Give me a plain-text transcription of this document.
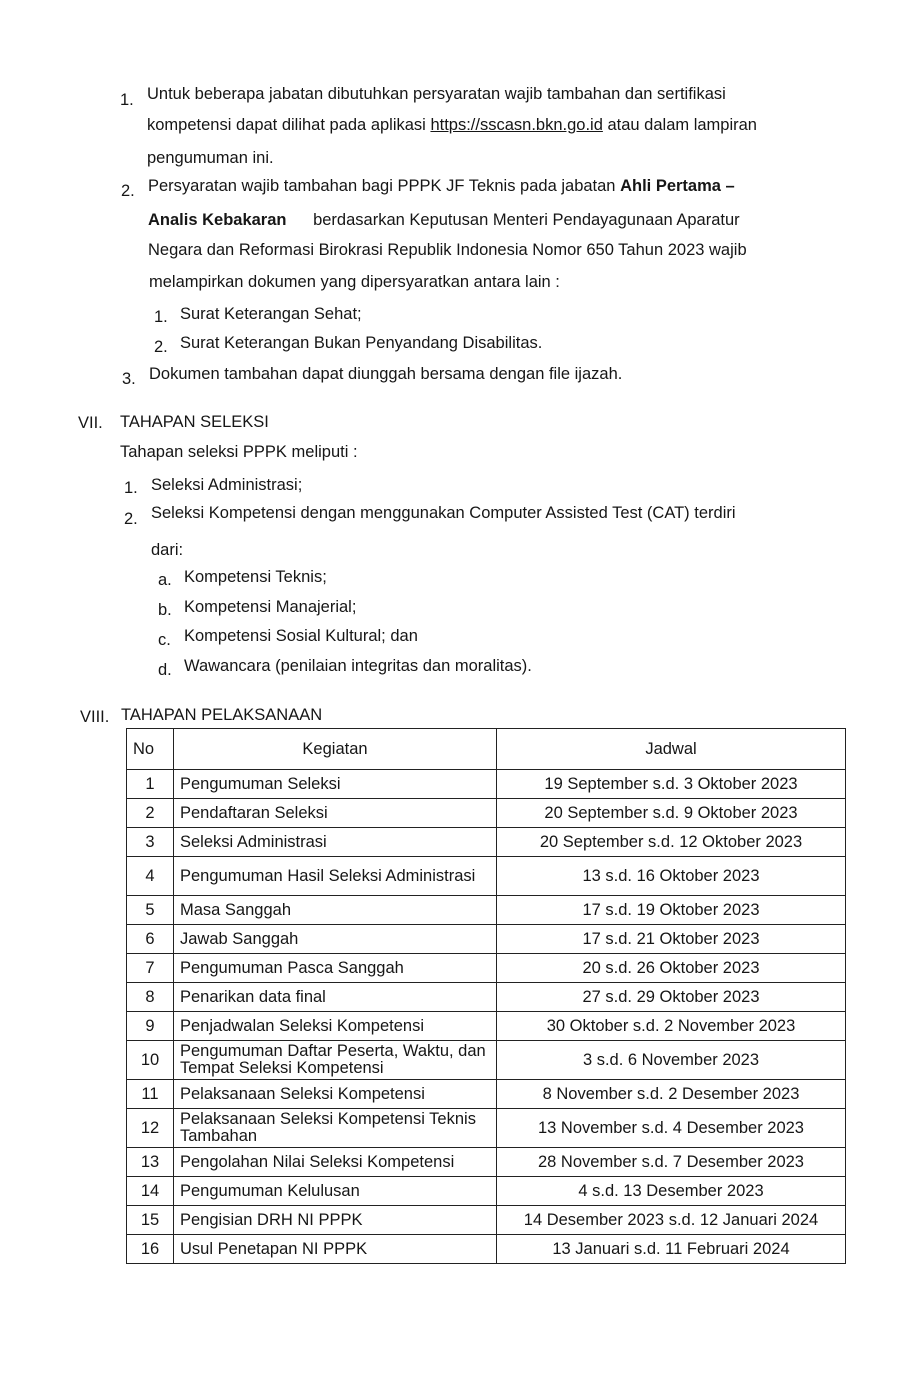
1. Untuk beberapa jabatan dibutuhkan persyaratan wajib tambahan dan sertifikasi
kompetensi dapat dilihat pada aplikasi https://sscasn.bkn.go.id atau dalam lampiran
pengumuman ini.
2. Persyaratan wajib tambahan bagi PPPK JF Teknis pada jabatan Ahli Pertama –
Analis Kebakaran berdasarkan Keputusan Menteri Pendayagunaan Aparatur
Negara dan Reformasi Birokrasi Republik Indonesia Nomor 650 Tahun 2023 wajib
melampirkan dokumen yang dipersyaratkan antara lain :
1. Surat Keterangan Sehat;
2. Surat Keterangan Bukan Penyandang Disabilitas.
3. Dokumen tambahan dapat diunggah bersama dengan file ijazah.
VII. TAHAPAN SELEKSI
Tahapan seleksi PPPK meliputi :
1. Seleksi Administrasi;
2. Seleksi Kompetensi dengan menggunakan Computer Assisted Test (CAT) terdiri
dari:
a. Kompetensi Teknis;
b. Kompetensi Manajerial;
c. Kompetensi Sosial Kultural; dan
d. Wawancara (penilaian integritas dan moralitas).
VIII. TAHAPAN PELAKSANAAN
No	Kegiatan	Jadwal
1	Pengumuman Seleksi	19 September s.d. 3 Oktober 2023
2	Pendaftaran Seleksi	20 September s.d. 9 Oktober 2023
3	Seleksi Administrasi	20 September s.d. 12 Oktober 2023
4	Pengumuman Hasil Seleksi Administrasi	13 s.d. 16 Oktober 2023
5	Masa Sanggah	17 s.d. 19 Oktober 2023
6	Jawab Sanggah	17 s.d. 21 Oktober 2023
7	Pengumuman Pasca Sanggah	20 s.d. 26 Oktober 2023
8	Penarikan data final	27 s.d. 29 Oktober 2023
9	Penjadwalan Seleksi Kompetensi	30 Oktober s.d. 2 November 2023
10	Pengumuman Daftar Peserta, Waktu, dan Tempat Seleksi Kompetensi	3 s.d. 6 November 2023
11	Pelaksanaan Seleksi Kompetensi	8 November s.d. 2 Desember 2023
12	Pelaksanaan Seleksi Kompetensi Teknis Tambahan	13 November s.d. 4 Desember 2023
13	Pengolahan Nilai Seleksi Kompetensi	28 November s.d. 7 Desember 2023
14	Pengumuman Kelulusan	4 s.d. 13 Desember 2023
15	Pengisian DRH NI PPPK	14 Desember 2023 s.d. 12 Januari 2024
16	Usul Penetapan NI PPPK	13 Januari s.d. 11 Februari 2024
